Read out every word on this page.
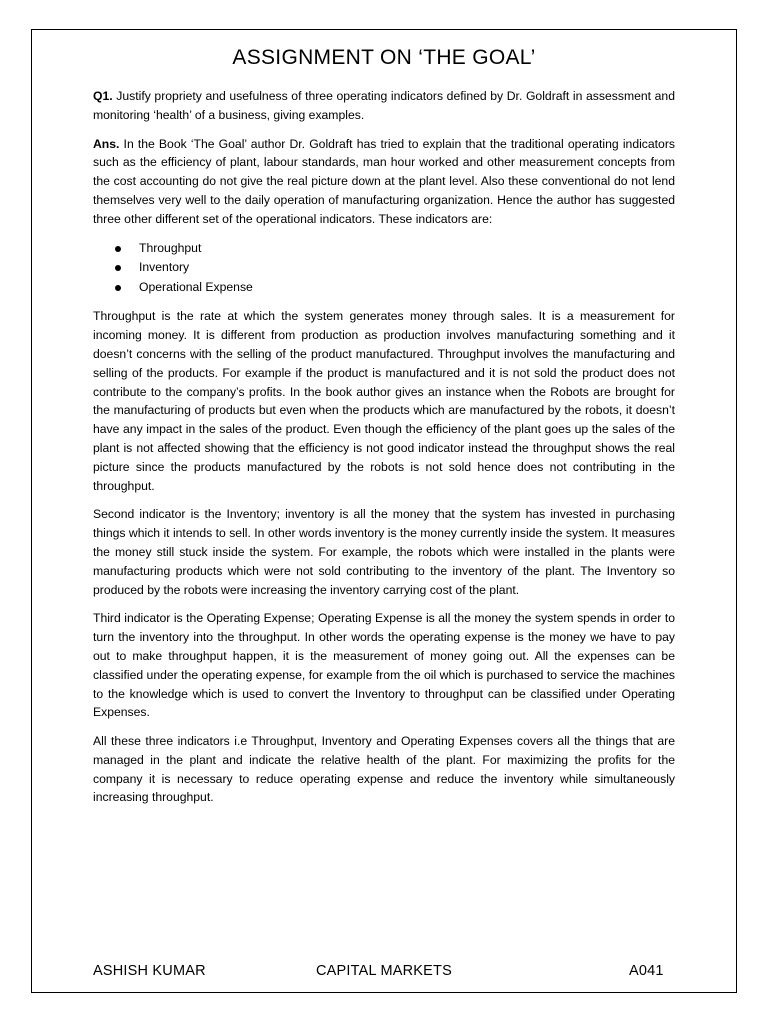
ASSIGNMENT ON ‘THE GOAL’

Q1. Justify propriety and usefulness of three operating indicators defined by Dr. Goldraft in assessment and monitoring ‘health’ of a business, giving examples.

Ans. In the Book ‘The Goal’ author Dr. Goldraft has tried to explain that the traditional operating indicators such as the efficiency of plant, labour standards, man hour worked and other measurement concepts from the cost accounting do not give the real picture down at the plant level. Also these conventional do not lend themselves very well to the daily operation of manufacturing organization. Hence the author has suggested three other different set of the operational indicators. These indicators are:

Throughput
Inventory
Operational Expense

Throughput is the rate at which the system generates money through sales. It is a measurement for incoming money. It is different from production as production involves manufacturing something and it doesn’t concerns with the selling of the product manufactured. Throughput involves the manufacturing and selling of the products. For example if the product is manufactured and it is not sold the product does not contribute to the company’s profits. In the book author gives an instance when the Robots are brought for the manufacturing of products but even when the products which are manufactured by the robots, it doesn’t have any impact in the sales of the product. Even though the efficiency of the plant goes up the sales of the plant is not affected showing that the efficiency is not good indicator instead the throughput shows the real picture since the products manufactured by the robots is not sold hence does not contributing in the throughput.

Second indicator is the Inventory; inventory is all the money that the system has invested in purchasing things which it intends to sell. In other words inventory is the money currently inside the system. It measures the money still stuck inside the system. For example, the robots which were installed in the plants were manufacturing products which were not sold contributing to the inventory of the plant. The Inventory so produced by the robots were increasing the inventory carrying cost of the plant.

Third indicator is the Operating Expense; Operating Expense is all the money the system spends in order to turn the inventory into the throughput. In other words the operating expense is the money we have to pay out to make throughput happen, it is the measurement of money going out. All the expenses can be classified under the operating expense, for example from the oil which is purchased to service the machines to the knowledge which is used to convert the Inventory to throughput can be classified under Operating Expenses.

All these three indicators i.e Throughput, Inventory and Operating Expenses covers all the things that are managed in the plant and indicate the relative health of the plant. For maximizing the profits for the company it is necessary to reduce operating expense and reduce the inventory while simultaneously increasing throughput.

ASHISH KUMAR	CAPITAL MARKETS	A041
